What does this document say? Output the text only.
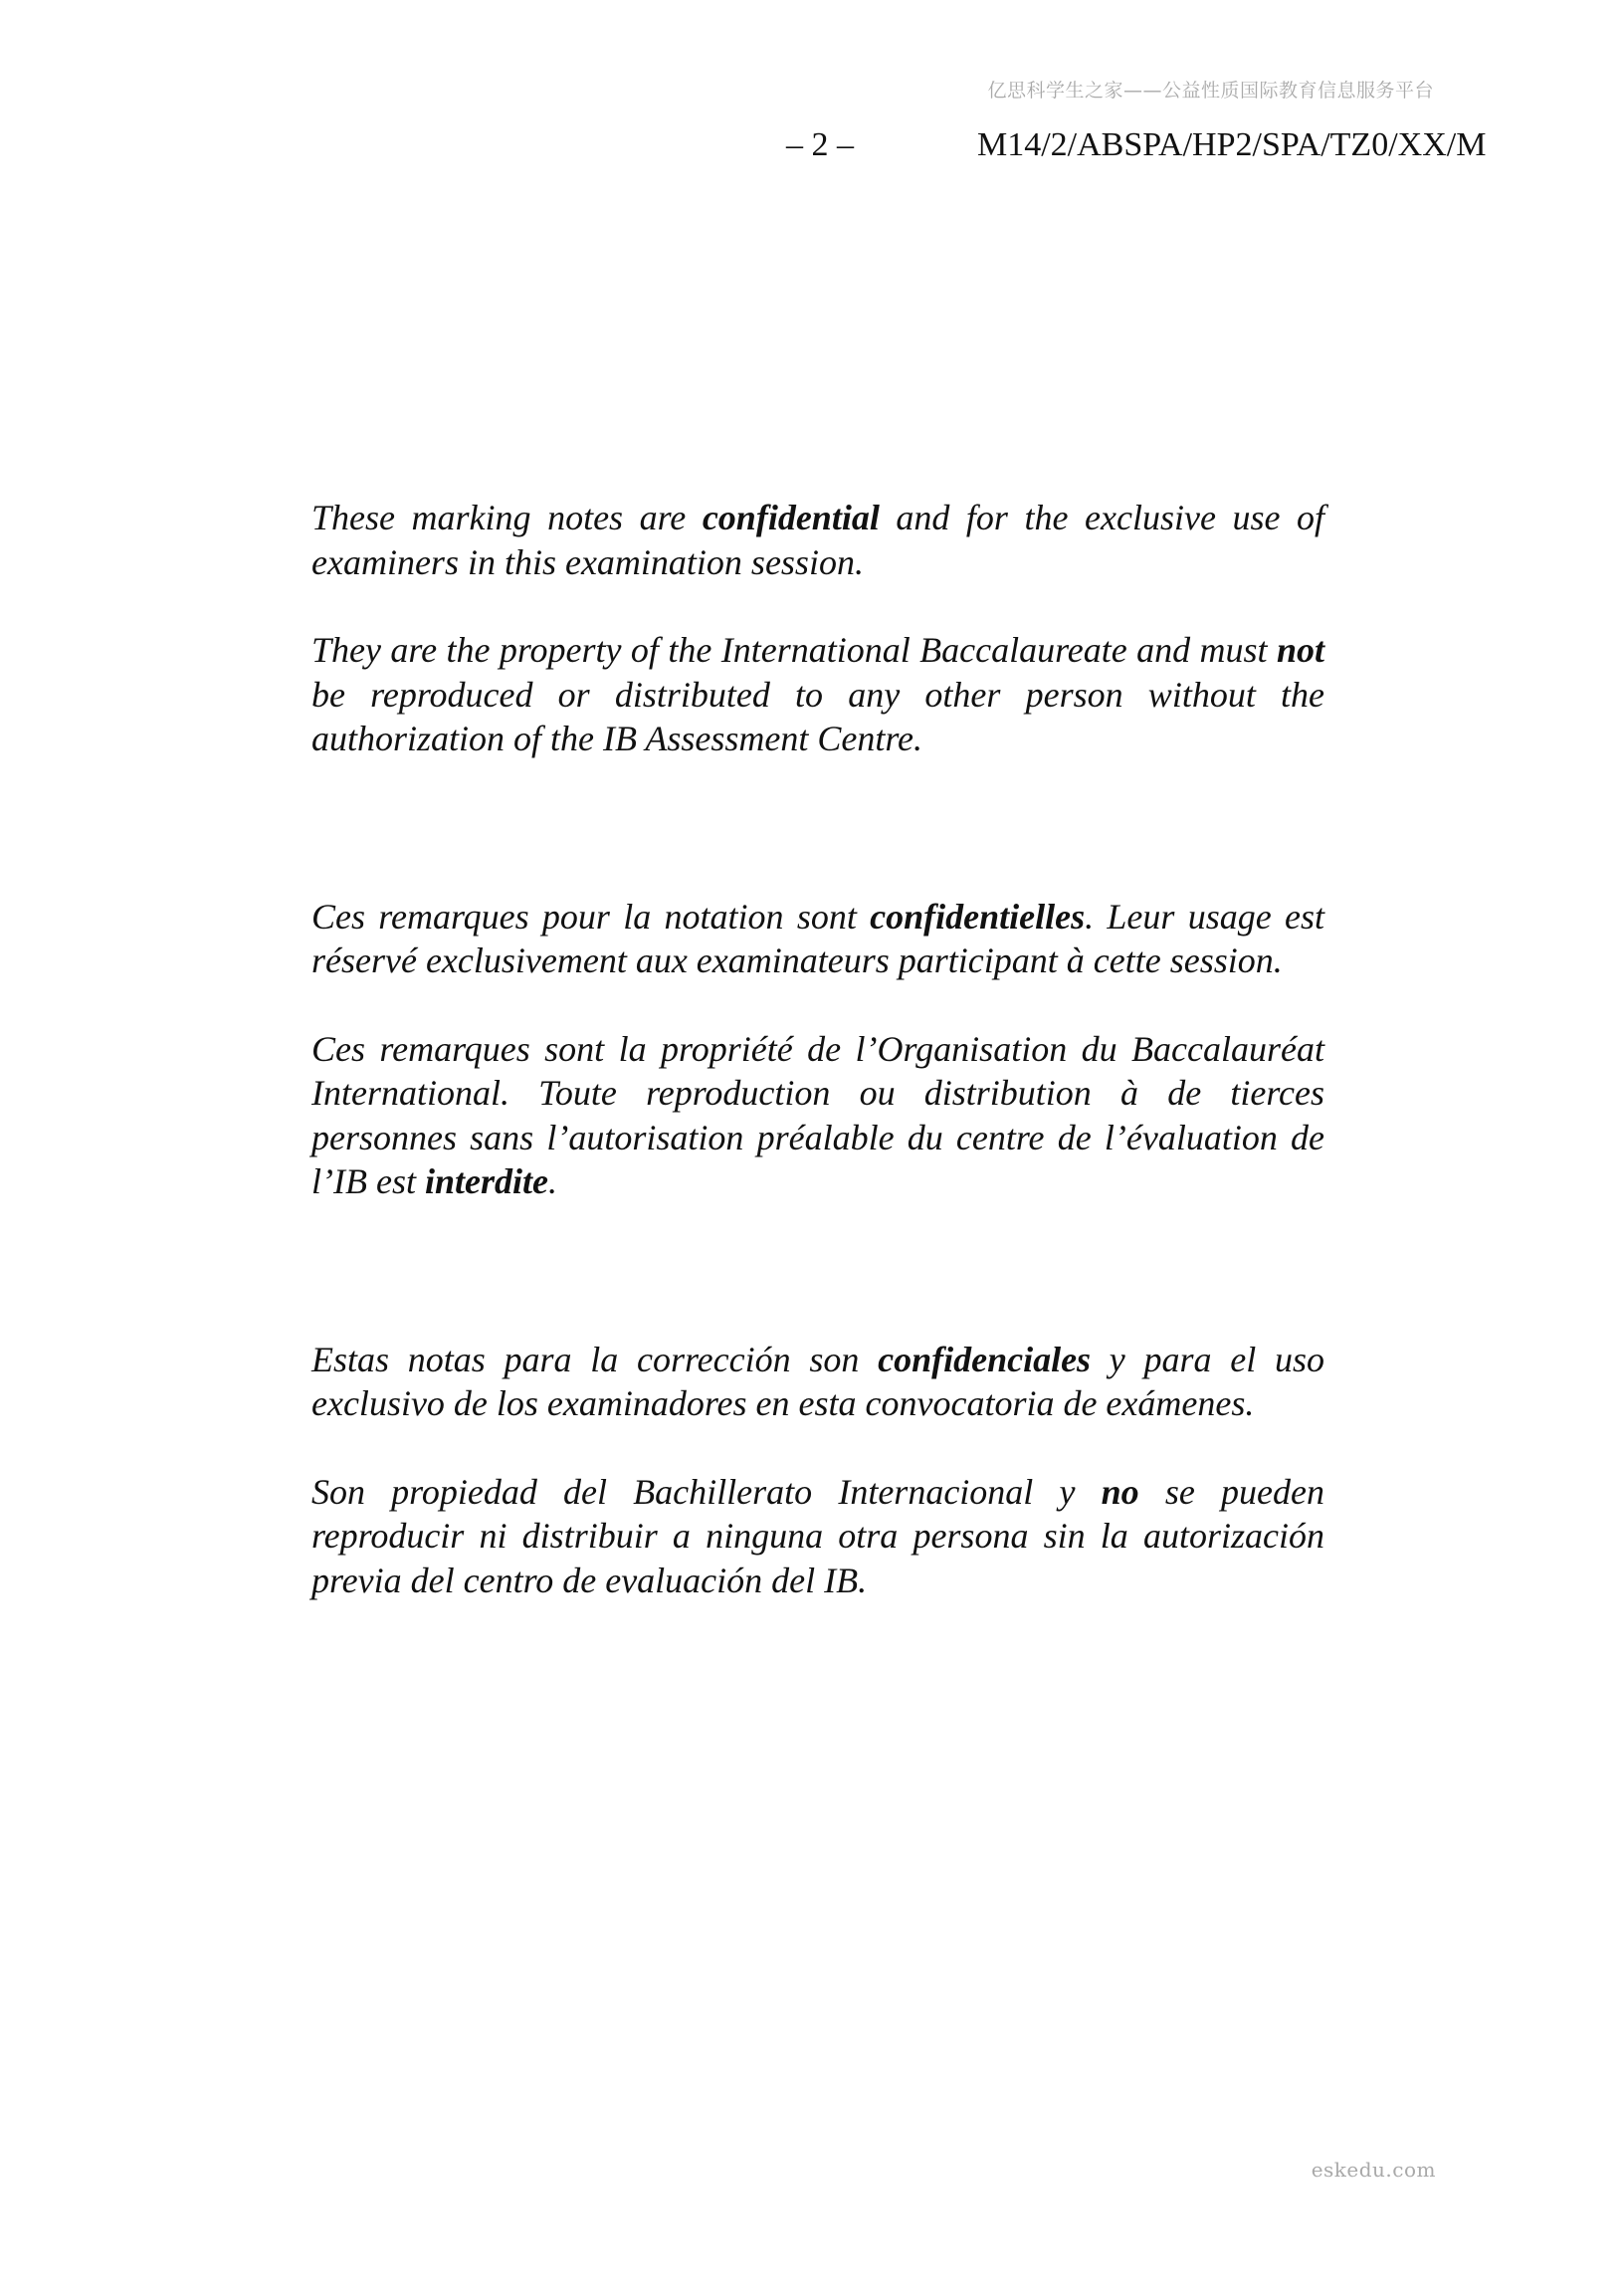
亿思科学生之家——公益性质国际教育信息服务平台
– 2 –	M14/2/ABSPA/HP2/SPA/TZ0/XX/M

These marking notes are confidential and for the exclusive use of examiners in this examination session.

They are the property of the International Baccalaureate and must not be reproduced or distributed to any other person without the authorization of the IB Assessment Centre.

Ces remarques pour la notation sont confidentielles. Leur usage est réservé exclusivement aux examinateurs participant à cette session.

Ces remarques sont la propriété de l’Organisation du Baccalauréat International. Toute reproduction ou distribution à de tierces personnes sans l’autorisation préalable du centre de l’évaluation de l’IB est interdite.

Estas notas para la corrección son confidenciales y para el uso exclusivo de los examinadores en esta convocatoria de exámenes.

Son propiedad del Bachillerato Internacional y no se pueden reproducir ni distribuir a ninguna otra persona sin la autorización previa del centro de evaluación del IB.

eskedu.com
